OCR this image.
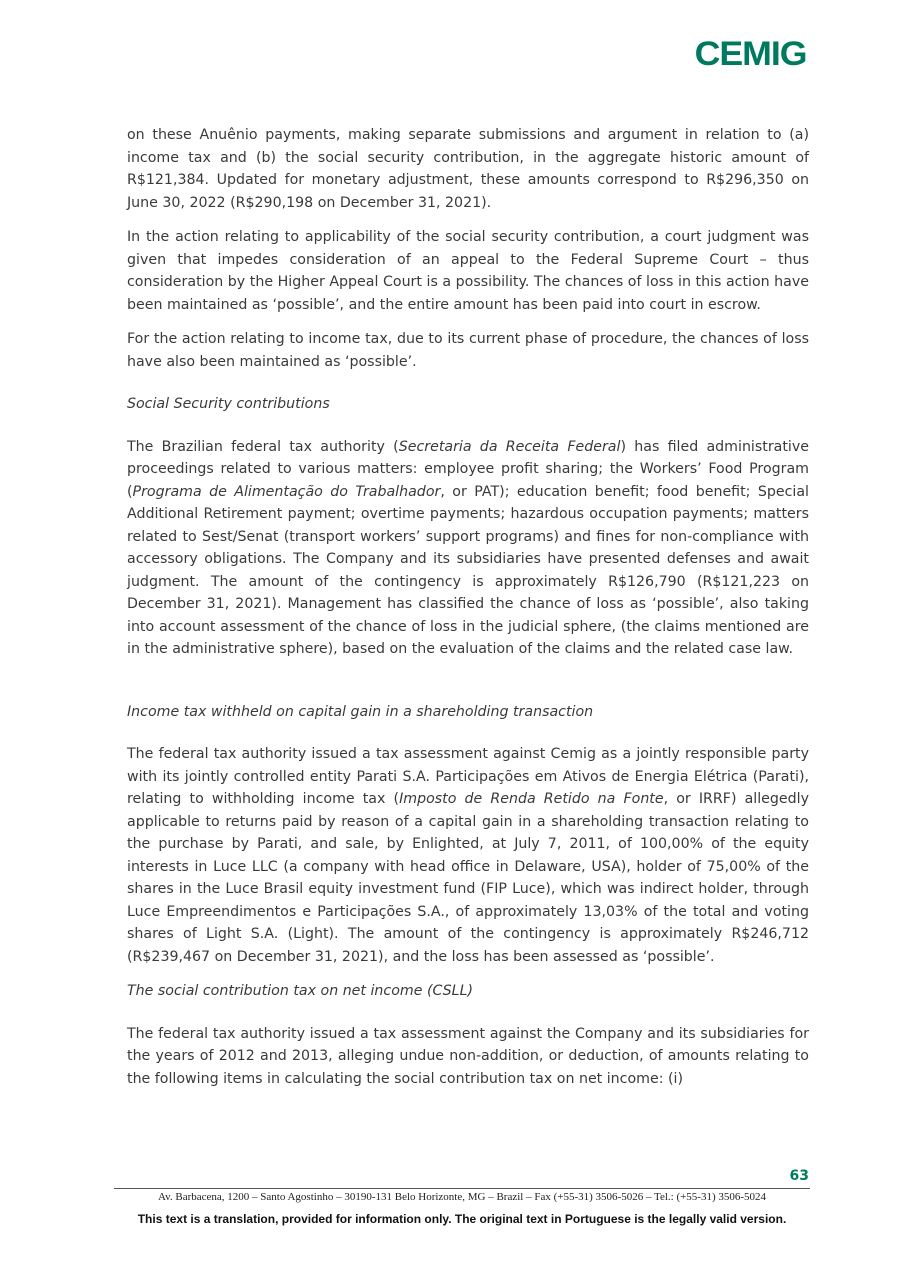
CEMIG

on these Anuênio payments, making separate submissions and argument in relation to (a) income tax and (b) the social security contribution, in the aggregate historic amount of R$121,384. Updated for monetary adjustment, these amounts correspond to R$296,350 on June 30, 2022 (R$290,198 on December 31, 2021).

In the action relating to applicability of the social security contribution, a court judgment was given that impedes consideration of an appeal to the Federal Supreme Court – thus consideration by the Higher Appeal Court is a possibility. The chances of loss in this action have been maintained as ‘possible’, and the entire amount has been paid into court in escrow.

For the action relating to income tax, due to its current phase of procedure, the chances of loss have also been maintained as ‘possible’.

Social Security contributions

The Brazilian federal tax authority (Secretaria da Receita Federal) has filed administrative proceedings related to various matters: employee profit sharing; the Workers’ Food Program (Programa de Alimentação do Trabalhador, or PAT); education benefit; food benefit; Special Additional Retirement payment; overtime payments; hazardous occupation payments; matters related to Sest/Senat (transport workers’ support programs) and fines for non-compliance with accessory obligations. The Company and its subsidiaries have presented defenses and await judgment. The amount of the contingency is approximately R$126,790 (R$121,223 on December 31, 2021). Management has classified the chance of loss as ‘possible’, also taking into account assessment of the chance of loss in the judicial sphere, (the claims mentioned are in the administrative sphere), based on the evaluation of the claims and the related case law.

Income tax withheld on capital gain in a shareholding transaction

The federal tax authority issued a tax assessment against Cemig as a jointly responsible party with its jointly controlled entity Parati S.A. Participações em Ativos de Energia Elétrica (Parati), relating to withholding income tax (Imposto de Renda Retido na Fonte, or IRRF) allegedly applicable to returns paid by reason of a capital gain in a shareholding transaction relating to the purchase by Parati, and sale, by Enlighted, at July 7, 2011, of 100,00% of the equity interests in Luce LLC (a company with head office in Delaware, USA), holder of 75,00% of the shares in the Luce Brasil equity investment fund (FIP Luce), which was indirect holder, through Luce Empreendimentos e Participações S.A., of approximately 13,03% of the total and voting shares of Light S.A. (Light). The amount of the contingency is approximately R$246,712 (R$239,467 on December 31, 2021), and the loss has been assessed as ‘possible’.

The social contribution tax on net income (CSLL)

The federal tax authority issued a tax assessment against the Company and its subsidiaries for the years of 2012 and 2013, alleging undue non-addition, or deduction, of amounts relating to the following items in calculating the social contribution tax on net income: (i)

63
Av. Barbacena, 1200 – Santo Agostinho – 30190-131 Belo Horizonte, MG – Brazil – Fax (+55-31) 3506-5026 – Tel.: (+55-31) 3506-5024
This text is a translation, provided for information only. The original text in Portuguese is the legally valid version.
